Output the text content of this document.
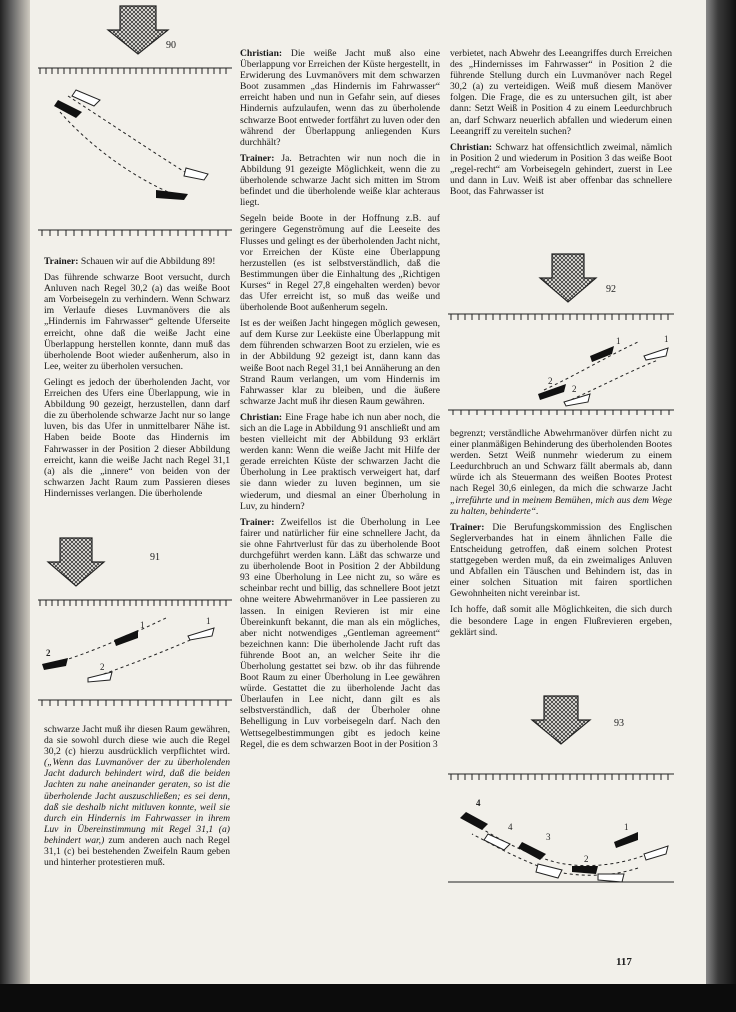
90

Trainer: Schauen wir auf die Abbildung 89!

Das führende schwarze Boot versucht, durch Anluven nach Regel 30,2 (a) das weiße Boot am Vorbeisegeln zu verhindern. Wenn Schwarz im Verlaufe dieses Luvmanövers die als „Hindernis im Fahrwasser“ geltende Uferseite erreicht, ohne daß die weiße Jacht eine Überlappung herstellen konnte, dann muß das überholende Boot wieder außenherum, also in Lee, weiter zu überholen versuchen.

Gelingt es jedoch der überholenden Jacht, vor Erreichen des Ufers eine Überlappung, wie in Abbildung 90 gezeigt, herzustellen, dann darf die zu überholende schwarze Jacht nur so lange luven, bis das Ufer in unmittelbarer Nähe ist. Haben beide Boote das Hindernis im Fahrwasser in der Position 2 dieser Abbildung erreicht, kann die weiße Jacht nach Regel 31,1 (a) als die „innere“ von beiden von der schwarzen Jacht Raum zum Passieren dieses Hindernisses verlangen. Die überholende

91
2
2
1	1

schwarze Jacht muß ihr diesen Raum gewähren, da sie sowohl durch diese wie auch die Regel 30,2 (c) hierzu ausdrücklich verpflichtet wird. („Wenn das Luvmanöver der zu überholenden Jacht dadurch behindert wird, daß die beiden Jachten zu nahe aneinander geraten, so ist die überholende Jacht auszuschließen; es sei denn, daß sie deshalb nicht mitluven konnte, weil sie durch ein Hindernis im Fahrwasser in ihrem Luv in Übereinstimmung mit Regel 31,1 (a) behindert war,) zum anderen auch nach Regel 31,1 (c) bei bestehenden Zweifeln Raum geben und hinterher protestieren muß.

Christian: Die weiße Jacht muß also eine Überlappung vor Erreichen der Küste hergestellt, in Erwiderung des Luvmanövers mit dem schwarzen Boot zusammen „das Hindernis im Fahrwasser“ erreicht haben und nun in Gefahr sein, auf dieses Hindernis aufzulaufen, wenn das zu überholende schwarze Boot entweder fortfährt zu luven oder den während der Überlappung anliegenden Kurs durchhält?

Trainer: Ja. Betrachten wir nun noch die in Abbildung 91 gezeigte Möglichkeit, wenn die zu überholende schwarze Jacht sich mitten im Strom befindet und die überholende weiße klar achteraus liegt.

Segeln beide Boote in der Hoffnung z.B. auf geringere Gegenströmung auf die Leeseite des Flusses und gelingt es der überholenden Jacht nicht, vor Erreichen der Küste eine Überlappung herzustellen (es ist selbstverständlich, daß die Bestimmungen über die Einhaltung des „Richtigen Kurses“ in Regel 27,8 eingehalten werden) bevor das Ufer erreicht ist, so muß das weiße und überholende Boot außenherum segeln.

Ist es der weißen Jacht hingegen möglich gewesen, auf dem Kurse zur Leeküste eine Überlappung mit dem führenden schwarzen Boot zu erzielen, wie es in der Abbildung 92 gezeigt ist, dann kann das weiße Boot nach Regel 31,1 bei Annäherung an den Strand Raum verlangen, um vom Hindernis im Fahrwasser klar zu bleiben, und die äußere schwarze Jacht muß ihr diesen Raum gewähren.

Christian: Eine Frage habe ich nun aber noch, die sich an die Lage in Abbildung 91 anschließt und am besten vielleicht mit der Abbildung 93 erklärt werden kann: Wenn die weiße Jacht mit Hilfe der gerade erreichten Küste der schwarzen Jacht die Überholung in Lee praktisch verweigert hat, darf sie dann wieder zu luven beginnen, um sie wiederum, und diesmal an einer Überholung in Luv, zu hindern?

Trainer: Zweifellos ist die Überholung in Lee fairer und natürlicher für eine schnellere Jacht, da sie ohne Fahrtverlust für das zu überholende Boot durchgeführt werden kann. Läßt das schwarze und zu überholende Boot in Position 2 der Abbildung 93 eine Überholung in Lee nicht zu, so wäre es scheinbar recht und billig, das schnellere Boot jetzt ohne weitere Abwehrmanöver in Lee passieren zu lassen. In einigen Revieren ist mir eine Übereinkunft bekannt, die man als ein mögliches, aber nicht notwendiges „Gentleman agreement“ bezeichnen kann: Die überholende Jacht ruft das führende Boot an, an welcher Seite ihr die Überholung gestattet sei bzw. ob ihr das führende Boot Raum zu einer Überholung in Lee gewähren würde. Gestattet die zu überholende Jacht das Überlaufen in Lee nicht, dann gilt es als selbstverständlich, daß der Überholer ohne Behelligung in Luv vorbeisegeln darf. Nach den Wettsegelbestimmungen gibt es jedoch keine Regel, die es dem schwarzen Boot in der Position 3

verbietet, nach Abwehr des Leeangriffes durch Erreichen des „Hindernisses im Fahrwasser“ in Position 2 die führende Stellung durch ein Luvmanöver nach Regel 30,2 (a) zu verteidigen. Weiß muß diesem Manöver folgen. Die Frage, die es zu untersuchen gilt, ist aber dann: Setzt Weiß in Position 4 zu einem Leedurchbruch an, darf Schwarz neuerlich abfallen und wiederum einen Leeangriff zu vereiteln suchen?

Christian: Schwarz hat offensichtlich zweimal, nämlich in Position 2 und wiederum in Position 3 das weiße Boot „regel-recht“ am Vorbeisegeln gehindert, zuerst in Lee und dann in Luv. Weiß ist aber offenbar das schnellere Boot, das Fahrwasser ist

92
2
2
1	1

begrenzt; verständliche Abwehrmanöver dürfen nicht zu einer planmäßigen Behinderung des überholenden Bootes werden. Setzt Weiß nunmehr wiederum zu einem Leedurchbruch an und Schwarz fällt abermals ab, dann würde ich als Steuermann des weißen Bootes Protest nach Regel 30,6 einlegen, da mich die schwarze Jacht „irreführte und in meinem Bemühen, mich aus dem Wege zu halten, behinderte“.

Trainer: Die Berufungskommission des Englischen Seglerverbandes hat in einem ähnlichen Falle die Entscheidung getroffen, daß einem solchen Protest stattgegeben werden muß, da ein zweimaliges Anluven und Abfallen ein Täuschen und Behindern ist, das in einer solchen Situation mit fairen sportlichen Gewohnheiten nicht vereinbar ist.

Ich hoffe, daß somit alle Möglichkeiten, die sich durch die besondere Lage in engen Flußrevieren ergeben, geklärt sind.

93
4
4
3
2
1
117
